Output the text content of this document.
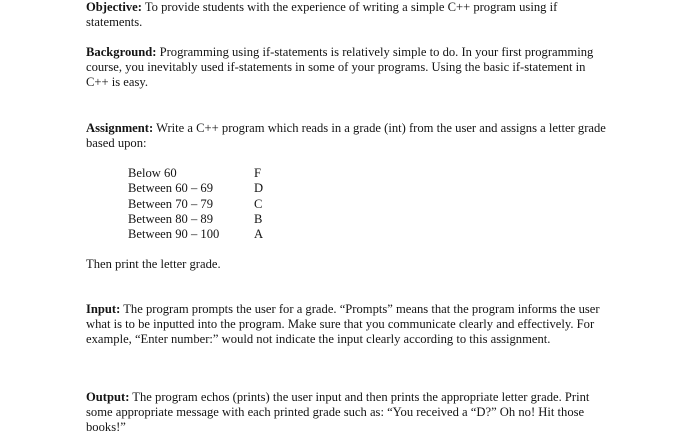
Objective: To provide students with the experience of writing a simple C++ program using if statements.

Background: Programming using if-statements is relatively simple to do. In your first programming course, you inevitably used if-statements in some of your programs. Using the basic if-statement in C++ is easy.

Assignment: Write a C++ program which reads in a grade (int) from the user and assigns a letter grade based upon:

Below 60	F
Between 60 – 69	D
Between 70 – 79	C
Between 80 – 89	B
Between 90 – 100	A

Then print the letter grade.

Input: The program prompts the user for a grade. “Prompts” means that the program informs the user what is to be inputted into the program. Make sure that you communicate clearly and effectively. For example, “Enter number:” would not indicate the input clearly according to this assignment.

Output: The program echos (prints) the user input and then prints the appropriate letter grade. Print some appropriate message with each printed grade such as: “You received a “D?” Oh no! Hit those books!”
